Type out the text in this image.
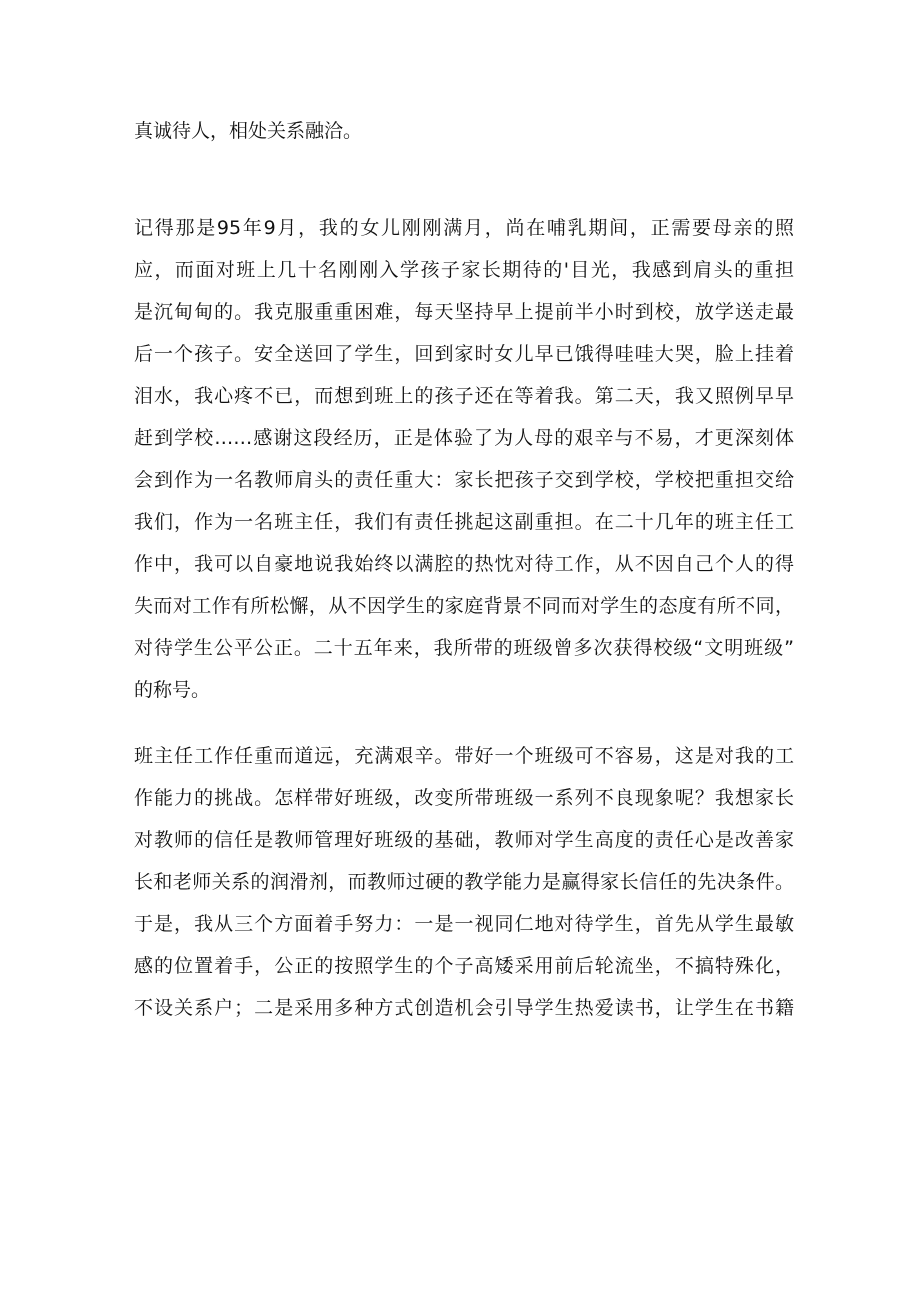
真诚待人，相处关系融洽。
记得那是95年9月，我的女儿刚刚满月，尚在哺乳期间，正需要母亲的照
应，而面对班上几十名刚刚入学孩子家长期待的'目光，我感到肩头的重担
是沉甸甸的。我克服重重困难，每天坚持早上提前半小时到校，放学送走最
后一个孩子。安全送回了学生，回到家时女儿早已饿得哇哇大哭，脸上挂着
泪水，我心疼不已，而想到班上的孩子还在等着我。第二天，我又照例早早
赶到学校……感谢这段经历，正是体验了为人母的艰辛与不易，才更深刻体
会到作为一名教师肩头的责任重大：家长把孩子交到学校，学校把重担交给
我们，作为一名班主任，我们有责任挑起这副重担。在二十几年的班主任工
作中，我可以自豪地说我始终以满腔的热忱对待工作，从不因自己个人的得
失而对工作有所松懈，从不因学生的家庭背景不同而对学生的态度有所不同，
对待学生公平公正。二十五年来，我所带的班级曾多次获得校级“文明班级”
的称号。
班主任工作任重而道远，充满艰辛。带好一个班级可不容易，这是对我的工
作能力的挑战。怎样带好班级，改变所带班级一系列不良现象呢？我想家长
对教师的信任是教师管理好班级的基础，教师对学生高度的责任心是改善家
长和老师关系的润滑剂，而教师过硬的教学能力是赢得家长信任的先决条件。
于是，我从三个方面着手努力：一是一视同仁地对待学生，首先从学生最敏
感的位置着手，公正的按照学生的个子高矮采用前后轮流坐，不搞特殊化，
不设关系户；二是采用多种方式创造机会引导学生热爱读书，让学生在书籍
